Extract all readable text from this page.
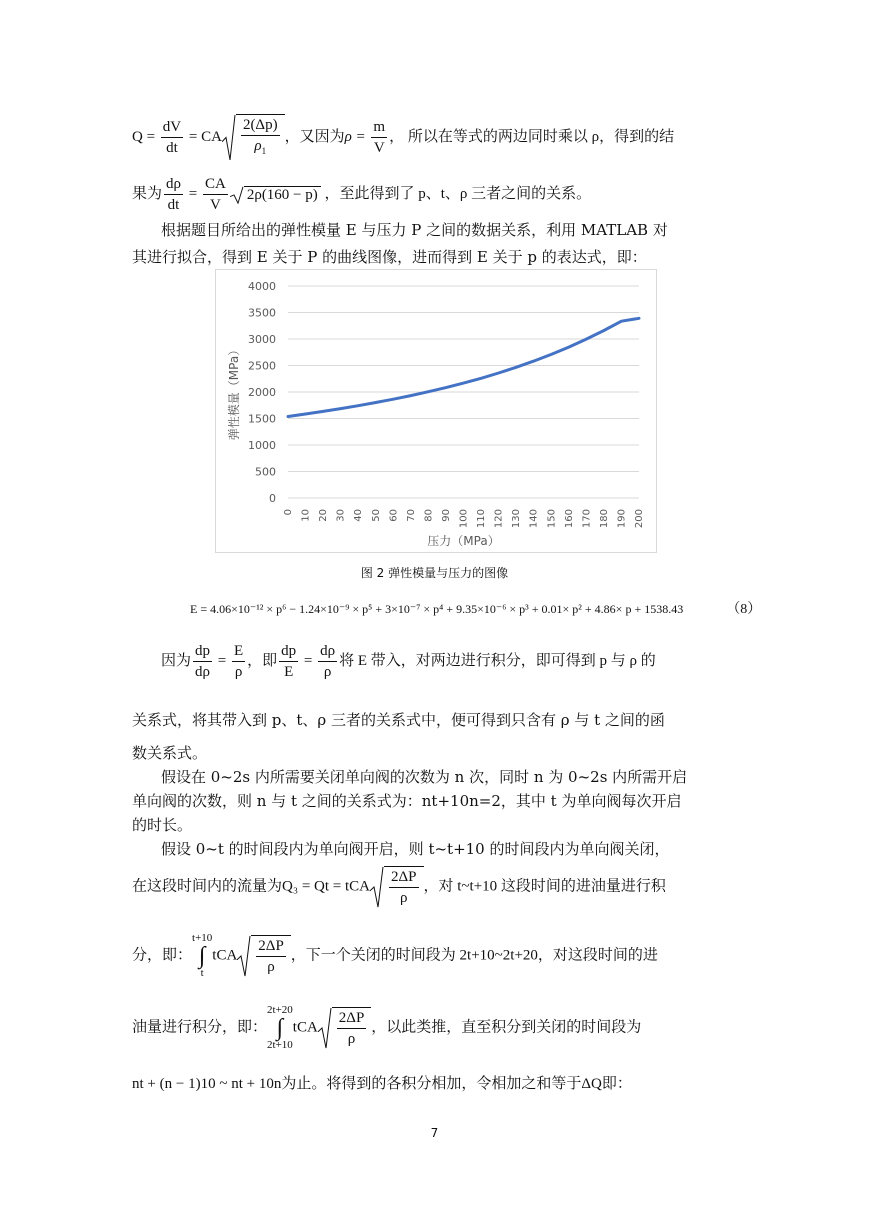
$Q = \frac{dV}{dt}$ = CA $\frac{2(\Delta p)}{\rho_1}$ ，又因为$\rho = \frac{m}{V}$ ， 所以在等式的两边同时乘以 ρ，得到的结
果为 $\frac{d\rho}{dt} = \frac{CA}{V} 2\rho(160 - p)$ ，至此得到了 p、t、ρ 三者之间的关系。
根据题目所给出的弹性模量 E 与压力 P 之间的数据关系，利用 MATLAB 对
其进行拟合，得到 E 关于 P 的曲线图像，进而得到 E 关于 p 的表达式，即：
0
500
1000
1500
2000
2500
3000
3500
4000
0 10 20 30 40 50 60 70 80 90 100 110 120 130 140 150 160 170 180 190 200
压力（MPa）
弹性模量（MPa）
图 2 弹性模量与压力的图像
E = 4.06×10⁻¹² × p⁶ − 1.24×10⁻⁹ × p⁵ + 3×10⁻⁷ × p⁴ + 9.35×10⁻⁶ × p³ + 0.01× p² + 4.86× p + 1538.43	（8）
因为 $\frac{dp}{d\rho} = \frac{E}{\rho}$ ，即 $\frac{dp}{E} = \frac{d\rho}{\rho}$ 将 E 带入，对两边进行积分，即可得到 p 与 ρ 的
关系式，将其带入到 p、t、ρ 三者的关系式中，便可得到只含有 ρ 与 t 之间的函
数关系式。
假设在 0~2s 内所需要关闭单向阀的次数为 n 次，同时 n 为 0~2s 内所需开启
单向阀的次数，则 n 与 t 之间的关系式为：nt+10n=2，其中 t 为单向阀每次开启
的时长。
假设 0~t 的时间段内为单向阀开启，则 t~t+10 的时间段内为单向阀关闭，
在这段时间内的流量为Q₃ = Qt = tCA $\frac{2\Delta P}{\rho}$ ，对 t~t+10 这段时间的进油量进行积
分，即：
t+10
∫
t
tCA $\frac{2\Delta P}{\rho}$ ，下一个关闭的时间段为 2t+10~2t+20，对这段时间的进
油量进行积分，即：
2t+20
∫
2t+10
tCA $\frac{2\Delta P}{\rho}$ ，以此类推，直至积分到关闭的时间段为
nt + (n − 1)10 ~ nt + 10n为止。将得到的各积分相加，令相加之和等于ΔQ即：
7
